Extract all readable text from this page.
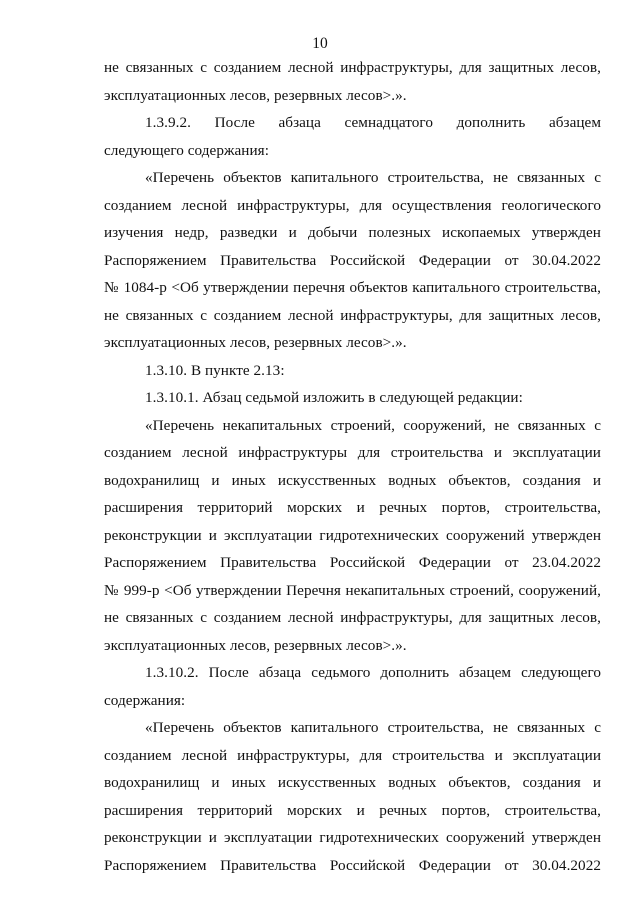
10
не связанных с созданием лесной инфраструктуры, для защитных лесов,
эксплуатационных лесов, резервных лесов>.».
1.3.9.2. После абзаца семнадцатого дополнить абзацем
следующего содержания:
«Перечень объектов капитального строительства, не связанных с
созданием лесной инфраструктуры, для осуществления геологического
изучения недр, разведки и добычи полезных ископаемых утвержден
Распоряжением Правительства Российской Федерации от 30.04.2022
№ 1084-р <Об утверждении перечня объектов капитального строительства,
не связанных с созданием лесной инфраструктуры, для защитных лесов,
эксплуатационных лесов, резервных лесов>.».
1.3.10. В пункте 2.13:
1.3.10.1. Абзац седьмой изложить в следующей редакции:
«Перечень некапитальных строений, сооружений, не связанных с
созданием лесной инфраструктуры для строительства и эксплуатации
водохранилищ и иных искусственных водных объектов, создания и
расширения территорий морских и речных портов, строительства,
реконструкции и эксплуатации гидротехнических сооружений утвержден
Распоряжением Правительства Российской Федерации от 23.04.2022
№ 999-р <Об утверждении Перечня некапитальных строений, сооружений,
не связанных с созданием лесной инфраструктуры, для защитных лесов,
эксплуатационных лесов, резервных лесов>.».
1.3.10.2. После абзаца седьмого дополнить абзацем следующего
содержания:
«Перечень объектов капитального строительства, не связанных с
созданием лесной инфраструктуры, для строительства и эксплуатации
водохранилищ и иных искусственных водных объектов, создания и
расширения территорий морских и речных портов, строительства,
реконструкции и эксплуатации гидротехнических сооружений утвержден
Распоряжением Правительства Российской Федерации от 30.04.2022
